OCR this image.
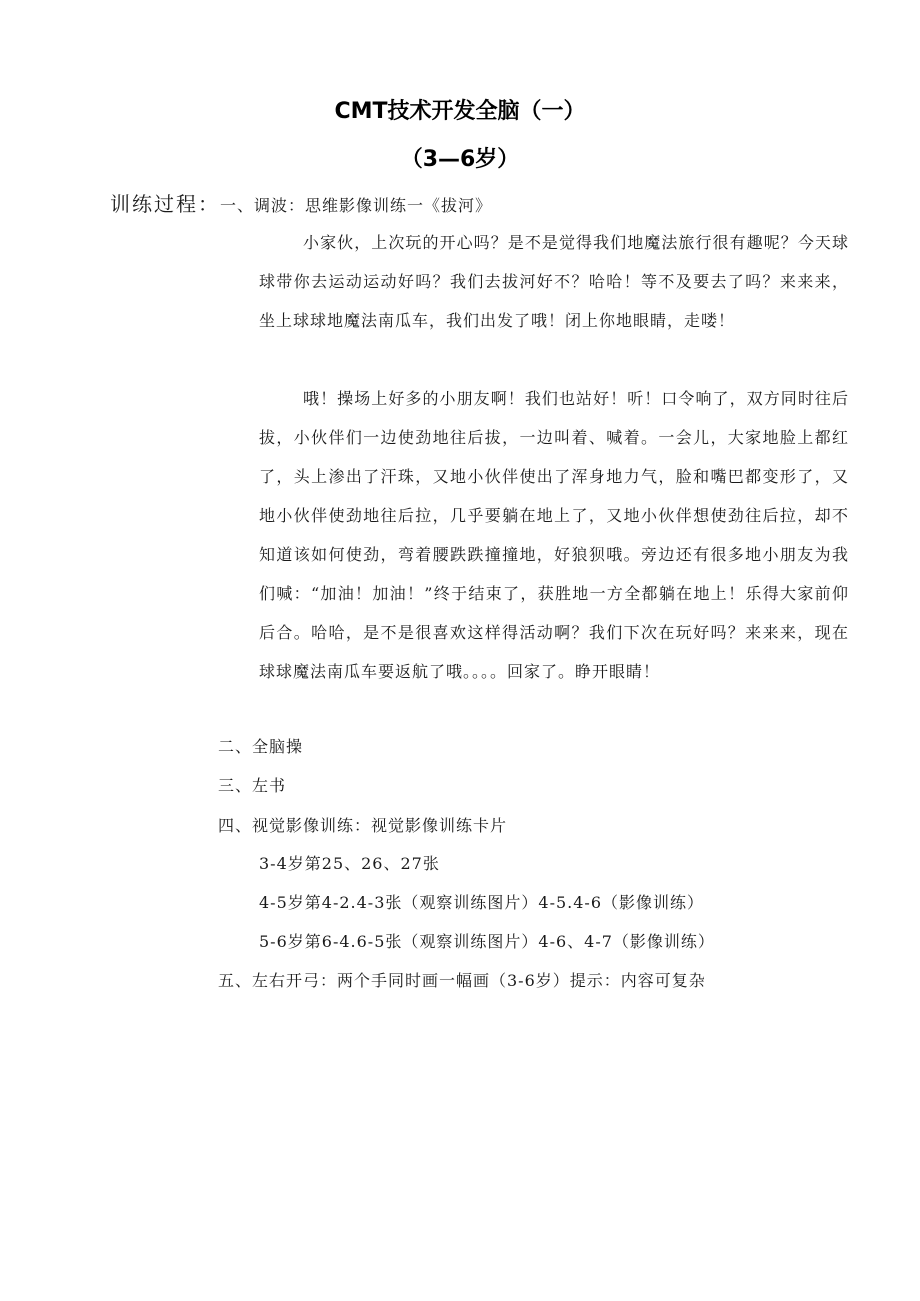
CMT技术开发全脑（一）
（3—6岁）
训练过程：一、调波：思维影像训练一《拔河》

小家伙，上次玩的开心吗？是不是觉得我们地魔法旅行很有趣呢？今天球球带你去运动运动好吗？我们去拔河好不？哈哈！等不及要去了吗？来来来，坐上球球地魔法南瓜车，我们出发了哦！闭上你地眼睛，走喽！

哦！操场上好多的小朋友啊！我们也站好！听！口令响了，双方同时往后拔，小伙伴们一边使劲地往后拔，一边叫着、喊着。一会儿，大家地脸上都红了，头上渗出了汗珠，又地小伙伴使出了浑身地力气，脸和嘴巴都变形了，又地小伙伴使劲地往后拉，几乎要躺在地上了，又地小伙伴想使劲往后拉，却不知道该如何使劲，弯着腰跌跌撞撞地，好狼狈哦。旁边还有很多地小朋友为我们喊：“加油！加油！”终于结束了，获胜地一方全都躺在地上！乐得大家前仰后合。哈哈，是不是很喜欢这样得活动啊？我们下次在玩好吗？来来来，现在球球魔法南瓜车要返航了哦。。。。回家了。睁开眼睛！

二、全脑操

三、左书

四、视觉影像训练：视觉影像训练卡片

3-4岁第25、26、27张

4-5岁第4-2.4-3张（观察训练图片）4-5.4-6（影像训练）

5-6岁第6-4.6-5张（观察训练图片）4-6、4-7（影像训练）

五、左右开弓：两个手同时画一幅画（3-6岁）提示：内容可复杂
